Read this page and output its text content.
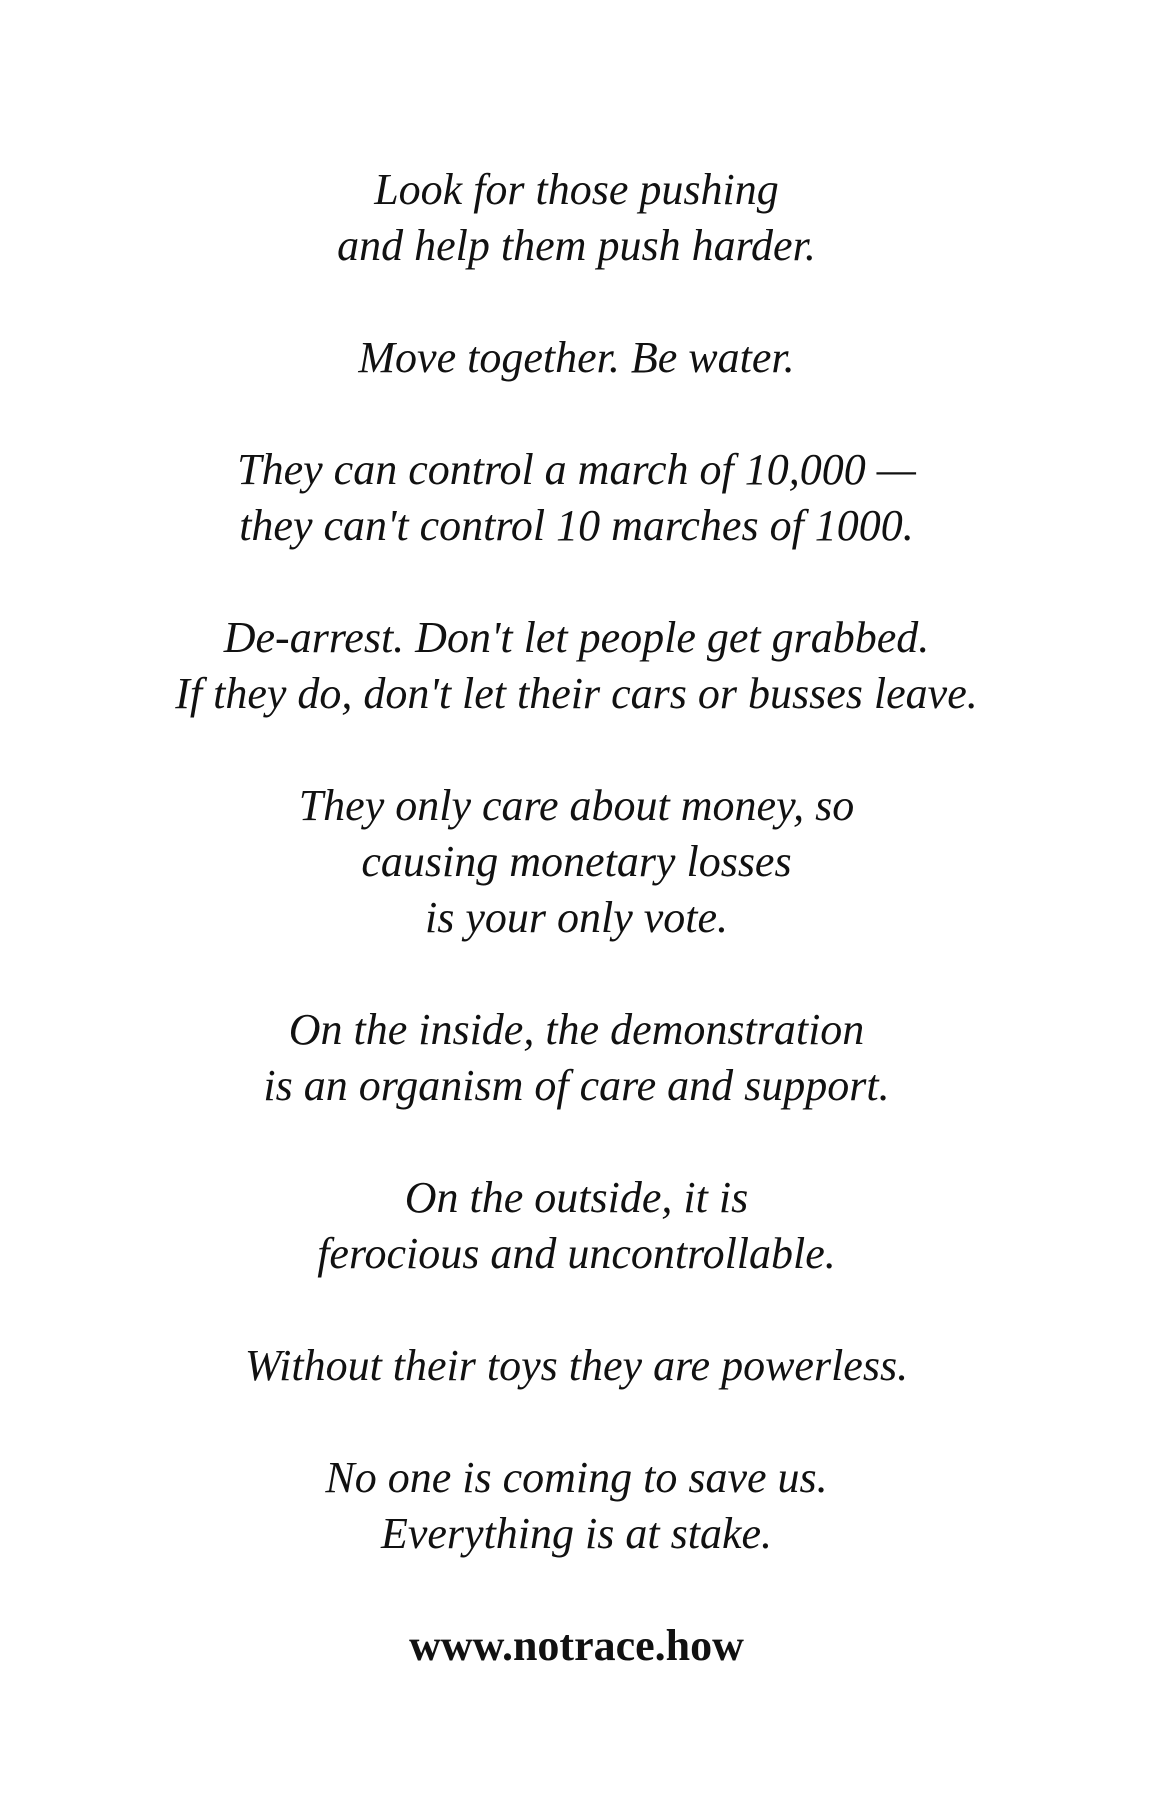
Look for those pushing
and help them push harder.
Move together. Be water.
They can control a march of 10,000 —
they can't control 10 marches of 1000.
De-arrest. Don't let people get grabbed.
If they do, don't let their cars or busses leave.
They only care about money, so
causing monetary losses
is your only vote.
On the inside, the demonstration
is an organism of care and support.
On the outside, it is
ferocious and uncontrollable.
Without their toys they are powerless.
No one is coming to save us.
Everything is at stake.
www.notrace.how
